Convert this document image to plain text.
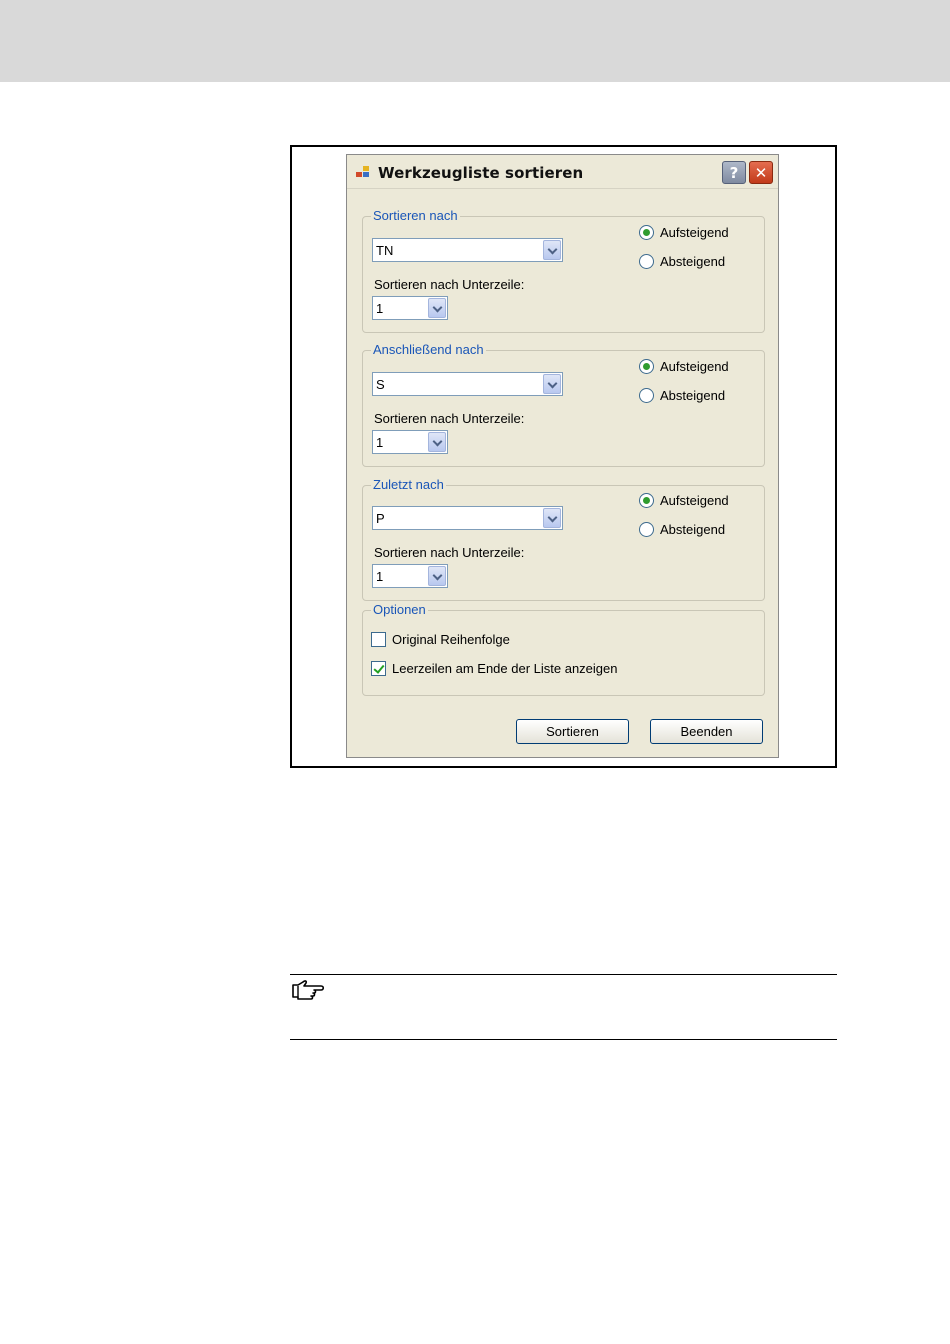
Werkzeugliste sortieren	?	✕
Sortieren nach
TN
Sortieren nach Unterzeile:
1
Aufsteigend
Absteigend
Anschließend nach
S
Sortieren nach Unterzeile:
1
Aufsteigend
Absteigend
Zuletzt nach
P
Sortieren nach Unterzeile:
1
Aufsteigend
Absteigend
Optionen
Original Reihenfolge
Leerzeilen am Ende der Liste anzeigen
Sortieren	Beenden
